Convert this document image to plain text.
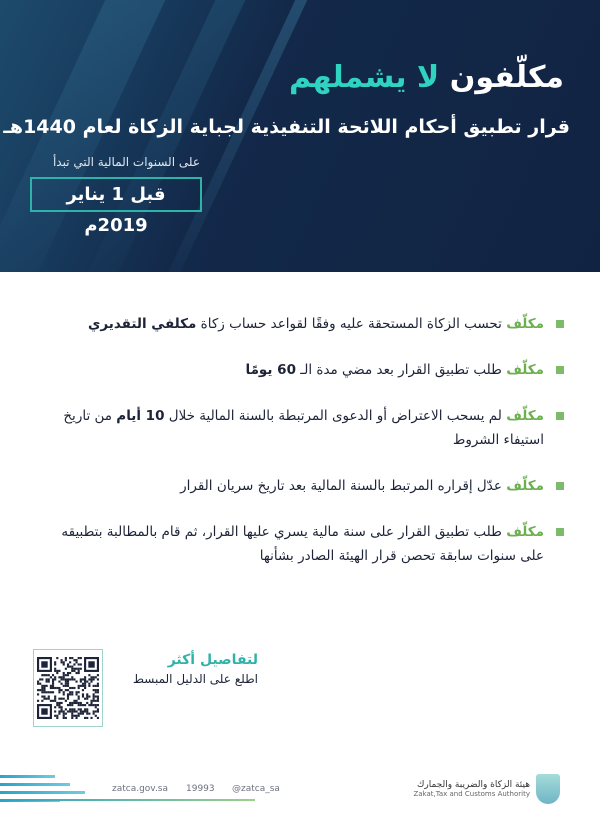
مكلّفون لا يشملهم
قرار تطبيق أحكام اللائحة التنفيذية لجباية الزكاة لعام 1440هـ
على السنوات المالية التي تبدأ
قبل 1 يناير 2019م
مكلّف تحسب الزكاة المستحقة عليه وفقًا لقواعد حساب زكاة مكلفي التقديري
مكلّف طلب تطبيق القرار بعد مضي مدة الـ 60 يومًا
مكلّف لم يسحب الاعتراض أو الدعوى المرتبطة بالسنة المالية خلال 10 أيام من تاريخ استيفاء الشروط
مكلّف عدّل إقراره المرتبط بالسنة المالية بعد تاريخ سريان القرار
مكلّف طلب تطبيق القرار على سنة مالية يسري عليها القرار، ثم قام بالمطالبة بتطبيقه على سنوات سابقة تحصن قرار الهيئة الصادر بشأنها
لتفاصيل أكثر
اطلع على الدليل المبسط
zatca.gov.sa 19993 @zatca_sa	هيئة الزكاة والضريبة والجمارك
Zakat,Tax and Customs Authority
